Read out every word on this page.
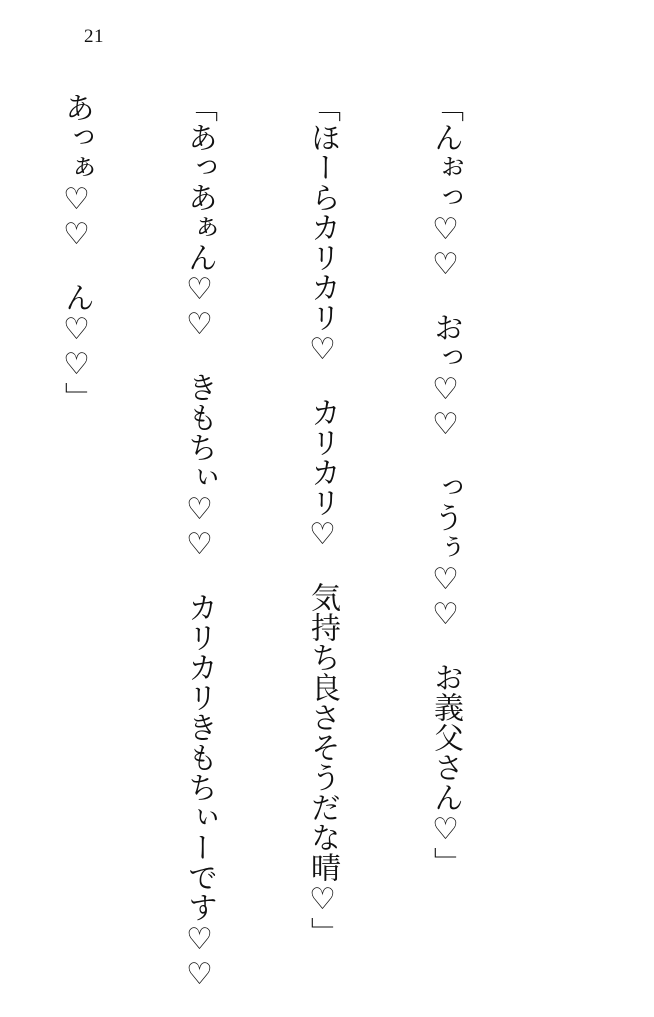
21

「んぉっ♡♡　おっ♡♡　っうぅ♡♡　お義父さん♡」

「ほーらカリカリ♡　カリカリ♡　気持ち良さそうだな晴♡」

「あっあぁん♡♡　きもちぃ♡♡　カリカリきもちぃーです♡♡

あっぁ♡♡　ん♡♡」
